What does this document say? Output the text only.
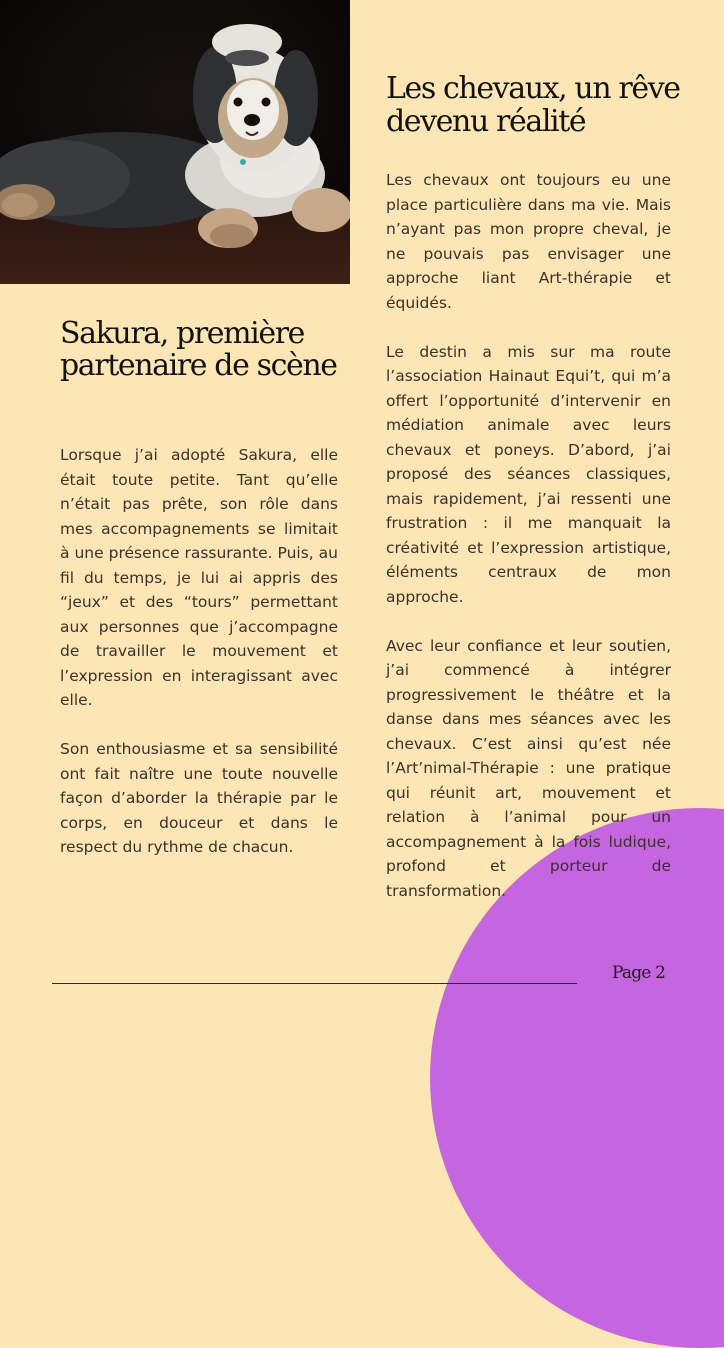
Les chevaux, un rêve devenu réalité

Les chevaux ont toujours eu une place particulière dans ma vie. Mais n’ayant pas mon propre cheval, je ne pouvais pas envisager une approche liant Art-thérapie et équidés.

Le destin a mis sur ma route l’association Hainaut Equi’t, qui m’a offert l’opportunité d’intervenir en médiation animale avec leurs chevaux et poneys. D’abord, j’ai proposé des séances classiques, mais rapidement, j’ai ressenti une frustration : il me manquait la créativité et l’expression artistique, éléments centraux de mon approche.

Avec leur confiance et leur soutien, j’ai commencé à intégrer progressivement le théâtre et la danse dans mes séances avec les chevaux. C’est ainsi qu’est née l’Art’nimal-Thérapie : une pratique qui réunit art, mouvement et relation à l’animal pour un accompagnement à la fois ludique, profond et porteur de transformation.

Sakura, première partenaire de scène

Lorsque j’ai adopté Sakura, elle était toute petite. Tant qu’elle n’était pas prête, son rôle dans mes accompagnements se limitait à une présence rassurante. Puis, au fil du temps, je lui ai appris des “jeux” et des “tours” permettant aux personnes que j’accompagne de travailler le mouvement et l’expression en interagissant avec elle.

Son enthousiasme et sa sensibilité ont fait naître une toute nouvelle façon d’aborder la thérapie par le corps, en douceur et dans le respect du rythme de chacun.

Page 2
